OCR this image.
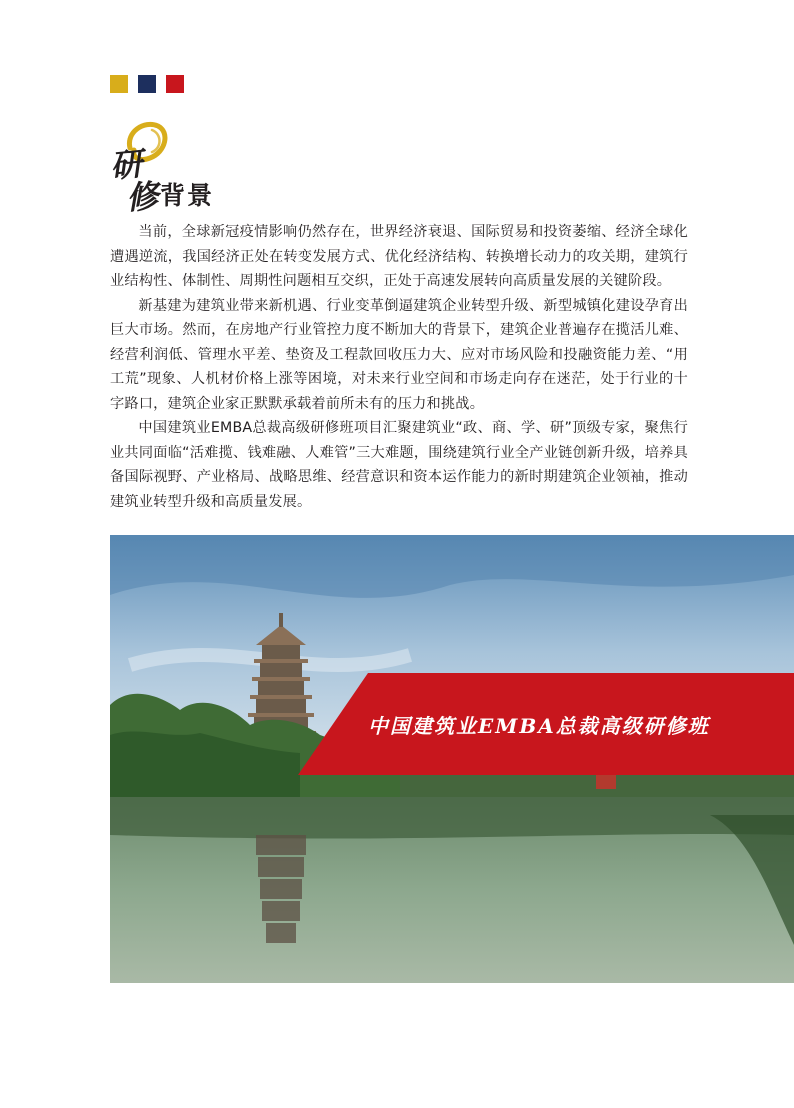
研
修 背景

当前，全球新冠疫情影响仍然存在，世界经济衰退、国际贸易和投资萎缩、经济全球化遭遇逆流，我国经济正处在转变发展方式、优化经济结构、转换增长动力的攻关期，建筑行业结构性、体制性、周期性问题相互交织，正处于高速发展转向高质量发展的关键阶段。

新基建为建筑业带来新机遇、行业变革倒逼建筑企业转型升级、新型城镇化建设孕育出巨大市场。然而，在房地产行业管控力度不断加大的背景下，建筑企业普遍存在揽活儿难、经营利润低、管理水平差、垫资及工程款回收压力大、应对市场风险和投融资能力差、“用工荒”现象、人机材价格上涨等困境，对未来行业空间和市场走向存在迷茫，处于行业的十字路口，建筑企业家正默默承载着前所未有的压力和挑战。

中国建筑业EMBA总裁高级研修班项目汇聚建筑业“政、商、学、研”顶级专家，聚焦行业共同面临“活难揽、钱难融、人难管”三大难题，围绕建筑行业全产业链创新升级，培养具备国际视野、产业格局、战略思维、经营意识和资本运作能力的新时期建筑企业领袖，推动建筑业转型升级和高质量发展。

中国建筑业EMBA总裁高级研修班
